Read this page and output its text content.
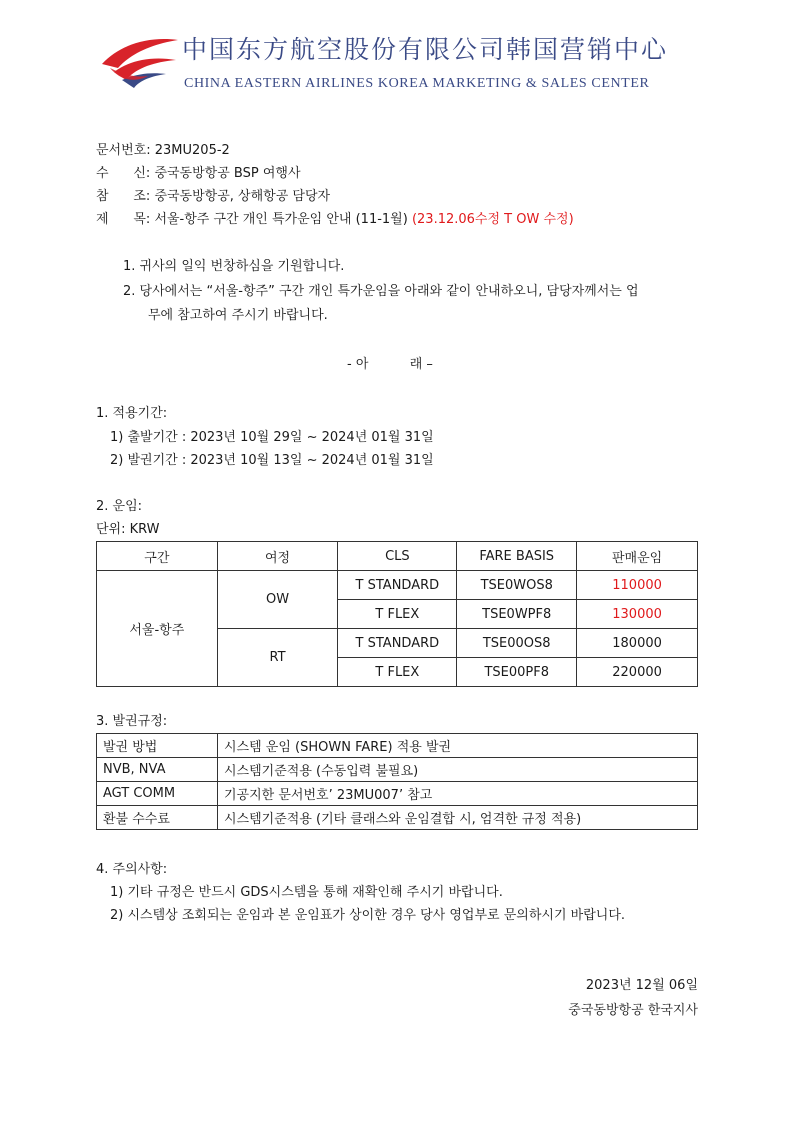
中国东方航空股份有限公司韩国营销中心
CHINA EASTERN AIRLINES KOREA MARKETING & SALES CENTER
문서번호: 23MU205-2
수      신: 중국동방항공 BSP 여행사
참      조: 중국동방항공, 상해항공 담당자
제      목: 서울-항주 구간 개인 특가운임 안내 (11-1월) (23.12.06수정 T OW 수정)
1. 귀사의 일익 번창하심을 기원합니다.
2. 당사에서는 “서울-항주” 구간 개인 특가운임을 아래와 같이 안내하오니, 담당자께서는 업
무에 참고하여 주시기 바랍니다.
- 아          래 –
1. 적용기간:
1) 출발기간 : 2023년 10월 29일 ~ 2024년 01월 31일
2) 발권기간 : 2023년 10월 13일 ~ 2024년 01월 31일
2. 운임:
단위: KRW
구간	여정	CLS	FARE BASIS	판매운임
서울-항주	OW	T STANDARD	TSE0WOS8	110000
		T FLEX	TSE0WPF8	130000
	RT	T STANDARD	TSE00OS8	180000
		T FLEX	TSE00PF8	220000
3. 발권규정:
발권 방법	시스템 운임 (SHOWN FARE) 적용 발권
NVB, NVA	시스템기준적용 (수동입력 불필요)
AGT COMM	기공지한 문서번호’ 23MU007’ 참고
환불 수수료	시스템기준적용 (기타 클래스와 운임결합 시, 엄격한 규정 적용)
4. 주의사항:
1) 기타 규정은 반드시 GDS시스템을 통해 재확인해 주시기 바랍니다.
2) 시스템상 조회되는 운임과 본 운임표가 상이한 경우 당사 영업부로 문의하시기 바랍니다.
2023년 12월 06일
중국동방항공 한국지사
